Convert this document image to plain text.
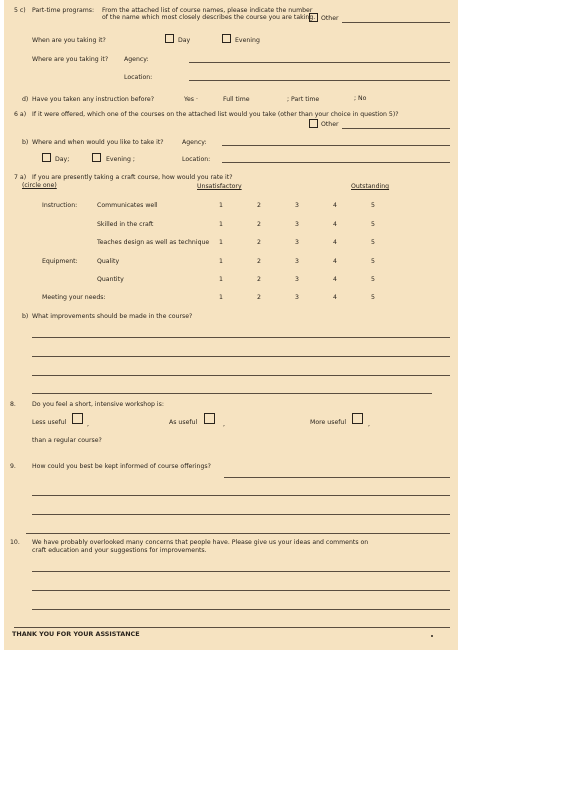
5 c) Part-time programs: From the attached list of course names, please indicate the number of the name which most closely describes the course you are taking. Other
When are you taking it?	Day	Evening
Where are you taking it?	Agency:
Location:
d) Have you taken any instruction before?	Yes ·	Full time	; Part time	; No
6 a) If it were offered, which one of the courses on the attached list would you take (other than your choice in question 5)?
Other
b) Where and when would you like to take it?	Agency:
Day;	Evening ;	Location:
7 a) If you are presently taking a craft course, how would you rate it?
(circle one)	Unsatisfactory	Outstanding
Instruction:	Communicates well	1	2	3	4	5
Skilled in the craft	1	2	3	4	5
Teaches design as well as technique	1	2	3	4	5
Equipment:	Quality	1	2	3	4	5
Quantity	1	2	3	4	5
Meeting your needs:	1	2	3	4	5
b) What improvements should be made in the course?
8.	Do you feel a short, intensive workshop is:
Less useful	,	As useful	,	More useful	,
than a regular course?
9.	How could you best be kept informed of course offerings?
10. We have probably overlooked many concerns that people have. Please give us your ideas and comments on
craft education and your suggestions for improvements.
THANK YOU FOR YOUR ASSISTANCE
